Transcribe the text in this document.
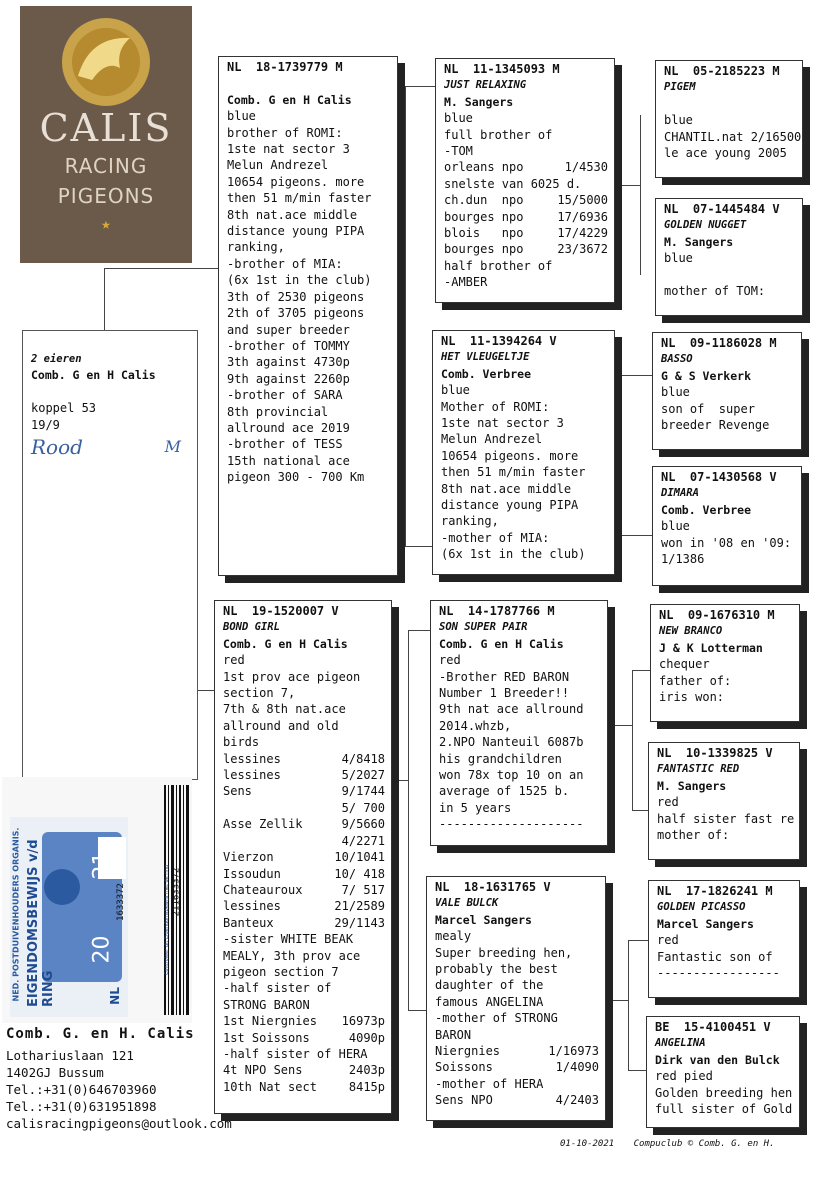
CALIS
RACING
PIGEONS
★
2 eieren
Comb. G en H Calis

koppel 53
19/9
Rood	M
NL  18-1739779 M

Comb. G en H Calis
blue
brother of ROMI:
1ste nat sector 3
Melun Andrezel
10654 pigeons. more
then 51 m/min faster
8th nat.ace middle
distance young PIPA
ranking,
-brother of MIA:
(6x 1st in the club)
3th of 2530 pigeons
2th of 3705 pigeons
and super breeder
-brother of TOMMY
3th against 4730p
9th against 2260p
-brother of SARA
8th provincial
allround ace 2019
-brother of TESS
15th national ace
pigeon 300 - 700 Km
NL  19-1520007 V
BOND GIRL
Comb. G en H Calis
red
1st prov ace pigeon
section 7,
7th & 8th nat.ace
allround and old
birds
lessines	4/8418
lessines	5/2027
Sens	9/1744
5/ 700
Asse Zellik	9/5660
4/2271
Vierzon	10/1041
Issoudun	10/ 418
Chateauroux	7/ 517
lessines	21/2589
Banteux	29/1143
-sister WHITE BEAK
MEALY, 3th prov ace
pigeon section 7
-half sister of
STRONG BARON
1st Niergnies 16973p
1st Soissons	4090p
-half sister of HERA
4t NPO Sens	2403p
10th Nat sect	8415p
NL  11-1345093 M
JUST RELAXING
M. Sangers
blue
full brother of
-TOM
orleans npo	1/4530
snelste van 6025 d.
ch.dun  npo	15/5000
bourges npo	17/6936
blois   npo	17/4229
bourges npo	23/3672
half brother of
-AMBER
NL  11-1394264 V
HET VLEUGELTJE
Comb. Verbree
blue
Mother of ROMI:
1ste nat sector 3
Melun Andrezel
10654 pigeons. more
then 51 m/min faster
8th nat.ace middle
distance young PIPA
ranking,
-mother of MIA:
(6x 1st in the club)
NL  14-1787766 M
SON SUPER PAIR
Comb. G en H Calis
red
-Brother RED BARON
Number 1 Breeder!!
9th nat ace allround
2014.whzb,
2.NPO Nanteuil 6087b
his grandchildren
won 78x top 10 on an
average of 1525 b.
in 5 years
--------------------
NL  18-1631765 V
VALE BULCK
Marcel Sangers
mealy
Super breeding hen,
probably the best
daughter of the
famous ANGELINA
-mother of STRONG
BARON
Niergnies	1/16973
Soissons	1/4090
-mother of HERA
Sens NPO	4/2403
NL  05-2185223 M
PIGEM

blue
CHANTIL.nat 2/16500
le ace young 2005
NL  07-1445484 V
GOLDEN NUGGET
M. Sangers
blue

mother of TOM:
NL  09-1186028 M
BASSO
G & S Verkerk
blue
son of  super
breeder Revenge
NL  07-1430568 V
DIMARA
Comb. Verbree
blue
won in '08 en '09:
1/1386
NL  09-1676310 M
NEW BRANCO
J & K Lotterman
chequer
father of:
iris won:
NL  10-1339825 V
FANTASTIC RED
M. Sangers
red
half sister fast re
mother of:
NL  17-1826241 M
GOLDEN PICASSO
Marcel Sangers
red
Fantastic son of
-----------------
BE  15-4100451 V
ANGELINA
Dirk van den Bulck
red pied
Golden breeding hen
full sister of Gold
NED. POSTDUIVENHOUDERS ORGANIS. EIGENDOMSBEWIJS v/d RING
21
20
NL
1633372	211633372
Controleer dit Eigendomsbewijs met de ring
Comb. G. en H. Calis
Lothariuslaan 121
1402GJ Bussum
Tel.:+31(0)646703960
Tel.:+31(0)631951898
calisracingpigeons@outlook.com
01-10-2021 Compuclub © Comb. G. en H.
